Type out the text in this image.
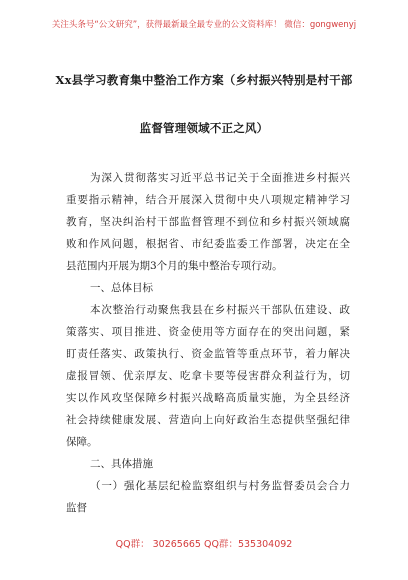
关注头条号“公文研究”，获得最新最全最专业的公文资料库！ 微信：gongwenyj
Xx县学习教育集中整治工作方案（乡村振兴特别是村干部
监督管理领域不正之风）
为深入贯彻落实习近平总书记关于全面推进乡村振兴
重要指示精神，结合开展深入贯彻中央八项规定精神学习
教育，坚决纠治村干部监督管理不到位和乡村振兴领域腐
败和作风问题，根据省、市纪委监委工作部署，决定在全
县范围内开展为期3个月的集中整治专项行动。
一、总体目标
本次整治行动聚焦我县在乡村振兴干部队伍建设、政
策落实、项目推进、资金使用等方面存在的突出问题，紧
盯责任落实、政策执行、资金监管等重点环节，着力解决
虚报冒领、优亲厚友、吃拿卡要等侵害群众利益行为，切
实以作风攻坚保障乡村振兴战略高质量实施，为全县经济
社会持续健康发展、营造向上向好政治生态提供坚强纪律
保障。
二、具体措施
（一）强化基层纪检监察组织与村务监督委员会合力
监督
QQ群： 30265665 QQ群：535304092
